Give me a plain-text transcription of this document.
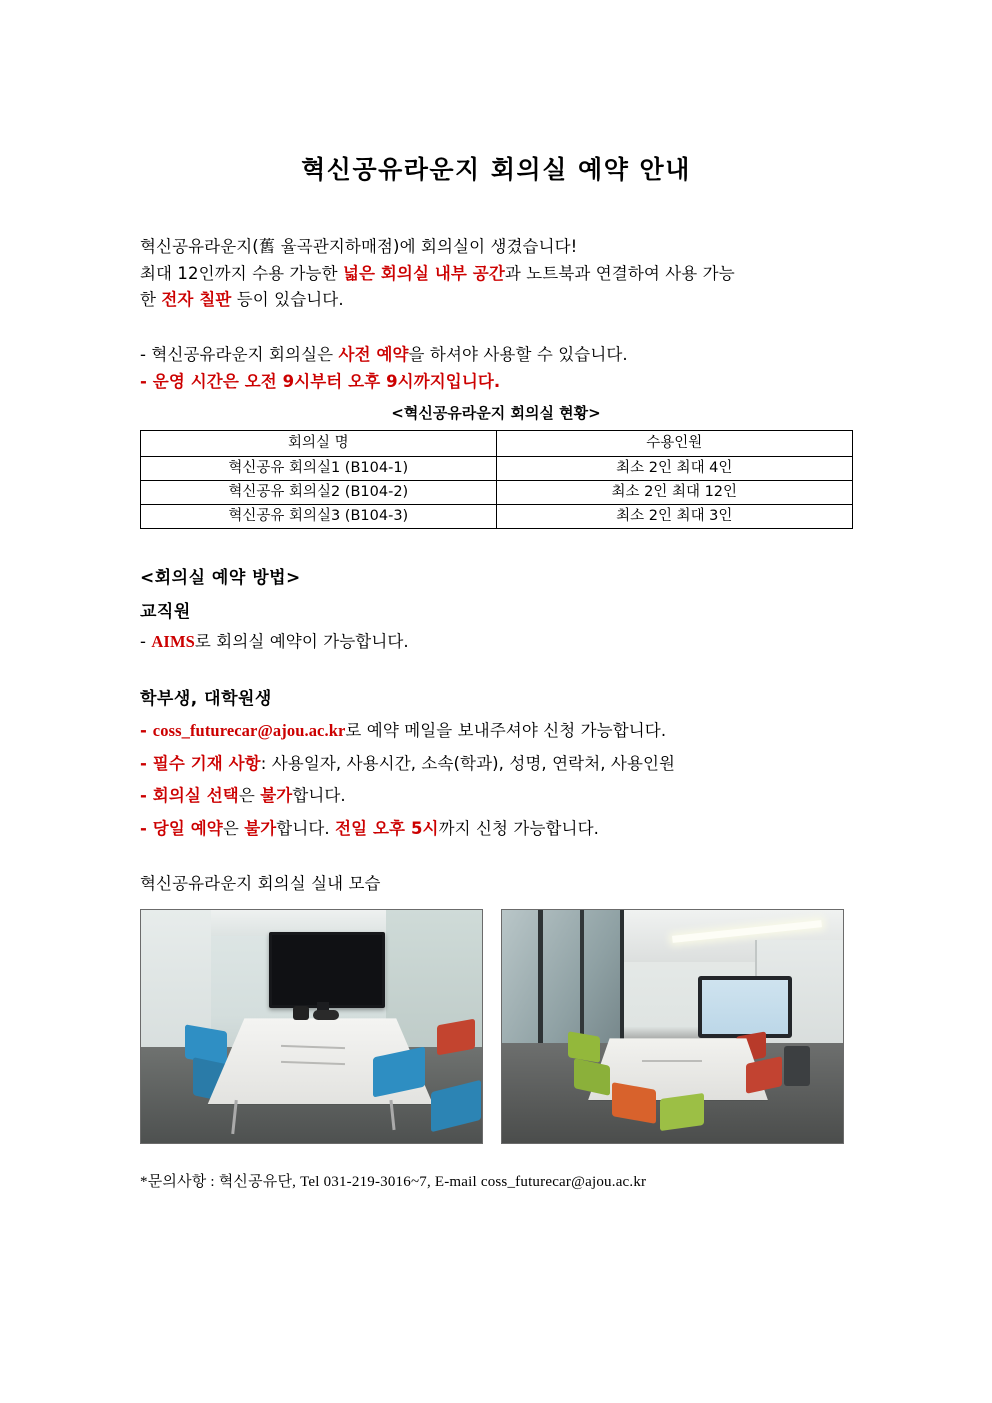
혁신공유라운지 회의실 예약 안내

혁신공유라운지(舊 율곡관지하매점)에 회의실이 생겼습니다!

최대 12인까지 수용 가능한 넓은 회의실 내부 공간과 노트북과 연결하여 사용 가능

한 전자 칠판 등이 있습니다.

- 혁신공유라운지 회의실은 사전 예약을 하셔야 사용할 수 있습니다.

- 운영 시간은 오전 9시부터 오후 9시까지입니다.

<혁신공유라운지 회의실 현황>
회의실 명	수용인원
혁신공유 회의실1 (B104-1)	최소 2인 최대 4인
혁신공유 회의실2 (B104-2)	최소 2인 최대 12인
혁신공유 회의실3 (B104-3)	최소 2인 최대 3인

<회의실 예약 방법>

교직원

- AIMS로 회의실 예약이 가능합니다.

학부생, 대학원생

- coss_futurecar@ajou.ac.kr로 예약 메일을 보내주셔야 신청 가능합니다.

- 필수 기재 사항: 사용일자, 사용시간, 소속(학과), 성명, 연락처, 사용인원

- 회의실 선택은 불가합니다.

- 당일 예약은 불가합니다. 전일 오후 5시까지 신청 가능합니다.

혁신공유라운지 회의실 실내 모습

*문의사항 : 혁신공유단, Tel 031-219-3016~7, E-mail coss_futurecar@ajou.ac.kr
